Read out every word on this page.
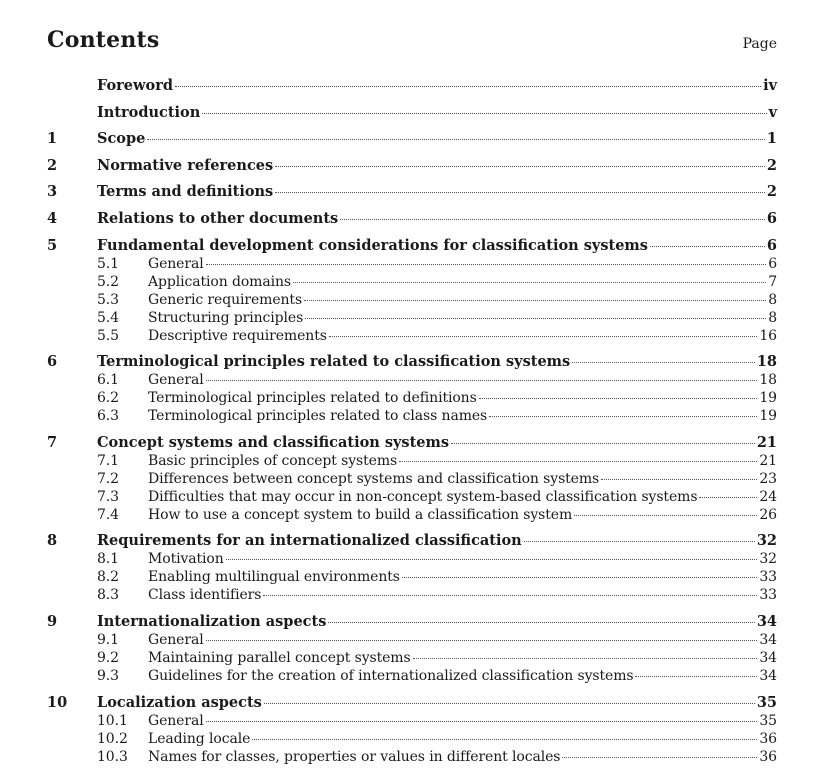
Contents	Page
Foreword	iv
Introduction	v
1	Scope	1
2	Normative references	2
3	Terms and definitions	2
4	Relations to other documents	6
5	Fundamental development considerations for classification systems	6
5.1	General	6
5.2	Application domains	7
5.3	Generic requirements	8
5.4	Structuring principles	8
5.5	Descriptive requirements	16
6	Terminological principles related to classification systems	18
6.1	General	18
6.2	Terminological principles related to definitions	19
6.3	Terminological principles related to class names	19
7	Concept systems and classification systems	21
7.1	Basic principles of concept systems	21
7.2	Differences between concept systems and classification systems	23
7.3	Difficulties that may occur in non-concept system-based classification systems	24
7.4	How to use a concept system to build a classification system	26
8	Requirements for an internationalized classification	32
8.1	Motivation	32
8.2	Enabling multilingual environments	33
8.3	Class identifiers	33
9	Internationalization aspects	34
9.1	General	34
9.2	Maintaining parallel concept systems	34
9.3	Guidelines for the creation of internationalized classification systems	34
10	Localization aspects	35
10.1	General	35
10.2	Leading locale	36
10.3	Names for classes, properties or values in different locales	36
